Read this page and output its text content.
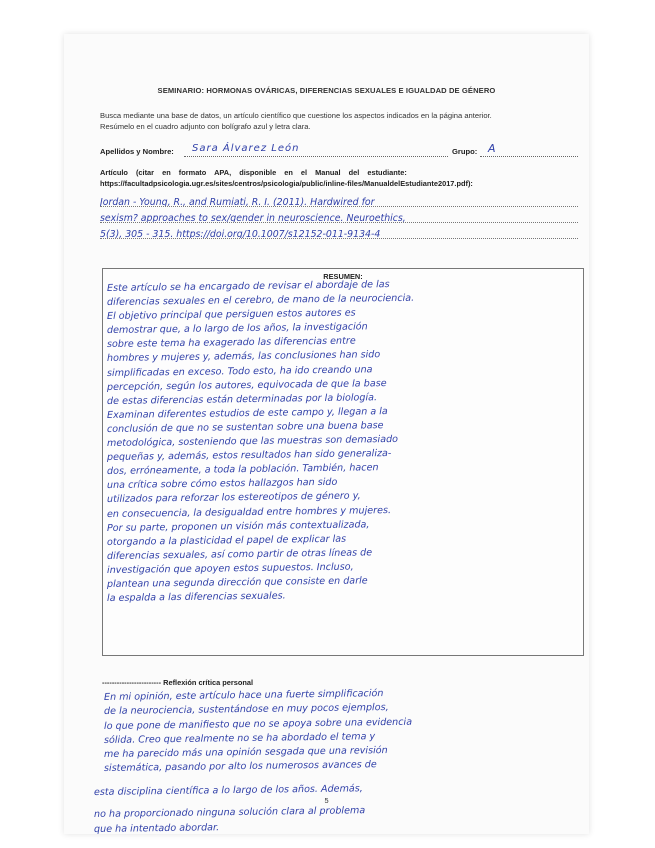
SEMINARIO: HORMONAS OVÁRICAS, DIFERENCIAS SEXUALES E IGUALDAD DE GÉNERO
Busca mediante una base de datos, un artículo científico que cuestione los aspectos indicados en la página anterior.
Resúmelo en el cuadro adjunto con bolígrafo azul y letra clara.
Apellidos y Nombre: Sara Álvarez León	Grupo: A
Artículo (citar en formato APA, disponible en el Manual del estudiante:
https://facultadpsicologia.ugr.es/sites/centros/psicologia/public/inline-files/ManualdelEstudiante2017.pdf):
Jordan - Young, R., and Rumiati, R. I. (2011). Hardwired for
sexism? approaches to sex/gender in neuroscience. Neuroethics,
5(3), 305 - 315. https://doi.org/10.1007/s12152-011-9134-4
RESUMEN:
Este artículo se ha encargado de revisar el abordaje de las
diferencias sexuales en el cerebro, de mano de la neurociencia.
El objetivo principal que persiguen estos autores es
demostrar que, a lo largo de los años, la investigación
sobre este tema ha exagerado las diferencias entre
hombres y mujeres y, además, las conclusiones han sido
simplificadas en exceso. Todo esto, ha ido creando una
percepción, según los autores, equivocada de que la base
de estas diferencias están determinadas por la biología.
Examinan diferentes estudios de este campo y, llegan a la
conclusión de que no se sustentan sobre una buena base
metodológica, sosteniendo que las muestras son demasiado
pequeñas y, además, estos resultados han sido generaliza-
dos, erróneamente, a toda la población. También, hacen
una crítica sobre cómo estos hallazgos han sido
utilizados para reforzar los estereotipos de género y,
en consecuencia, la desigualdad entre hombres y mujeres.
Por su parte, proponen un visión más contextualizada,
otorgando a la plasticidad el papel de explicar las
diferencias sexuales, así como partir de otras líneas de
investigación que apoyen estos supuestos. Incluso,
plantean una segunda dirección que consiste en darle
la espalda a las diferencias sexuales.
------------------------ Reflexión crítica personal
En mi opinión, este artículo hace una fuerte simplificación
de la neurociencia, sustentándose en muy pocos ejemplos,
lo que pone de manifiesto que no se apoya sobre una evidencia
sólida. Creo que realmente no se ha abordado el tema y
me ha parecido más una opinión sesgada que una revisión
sistemática, pasando por alto los numerosos avances de
5
esta disciplina científica a lo largo de los años. Además,
no ha proporcionado ninguna solución clara al problema
que ha intentado abordar.
